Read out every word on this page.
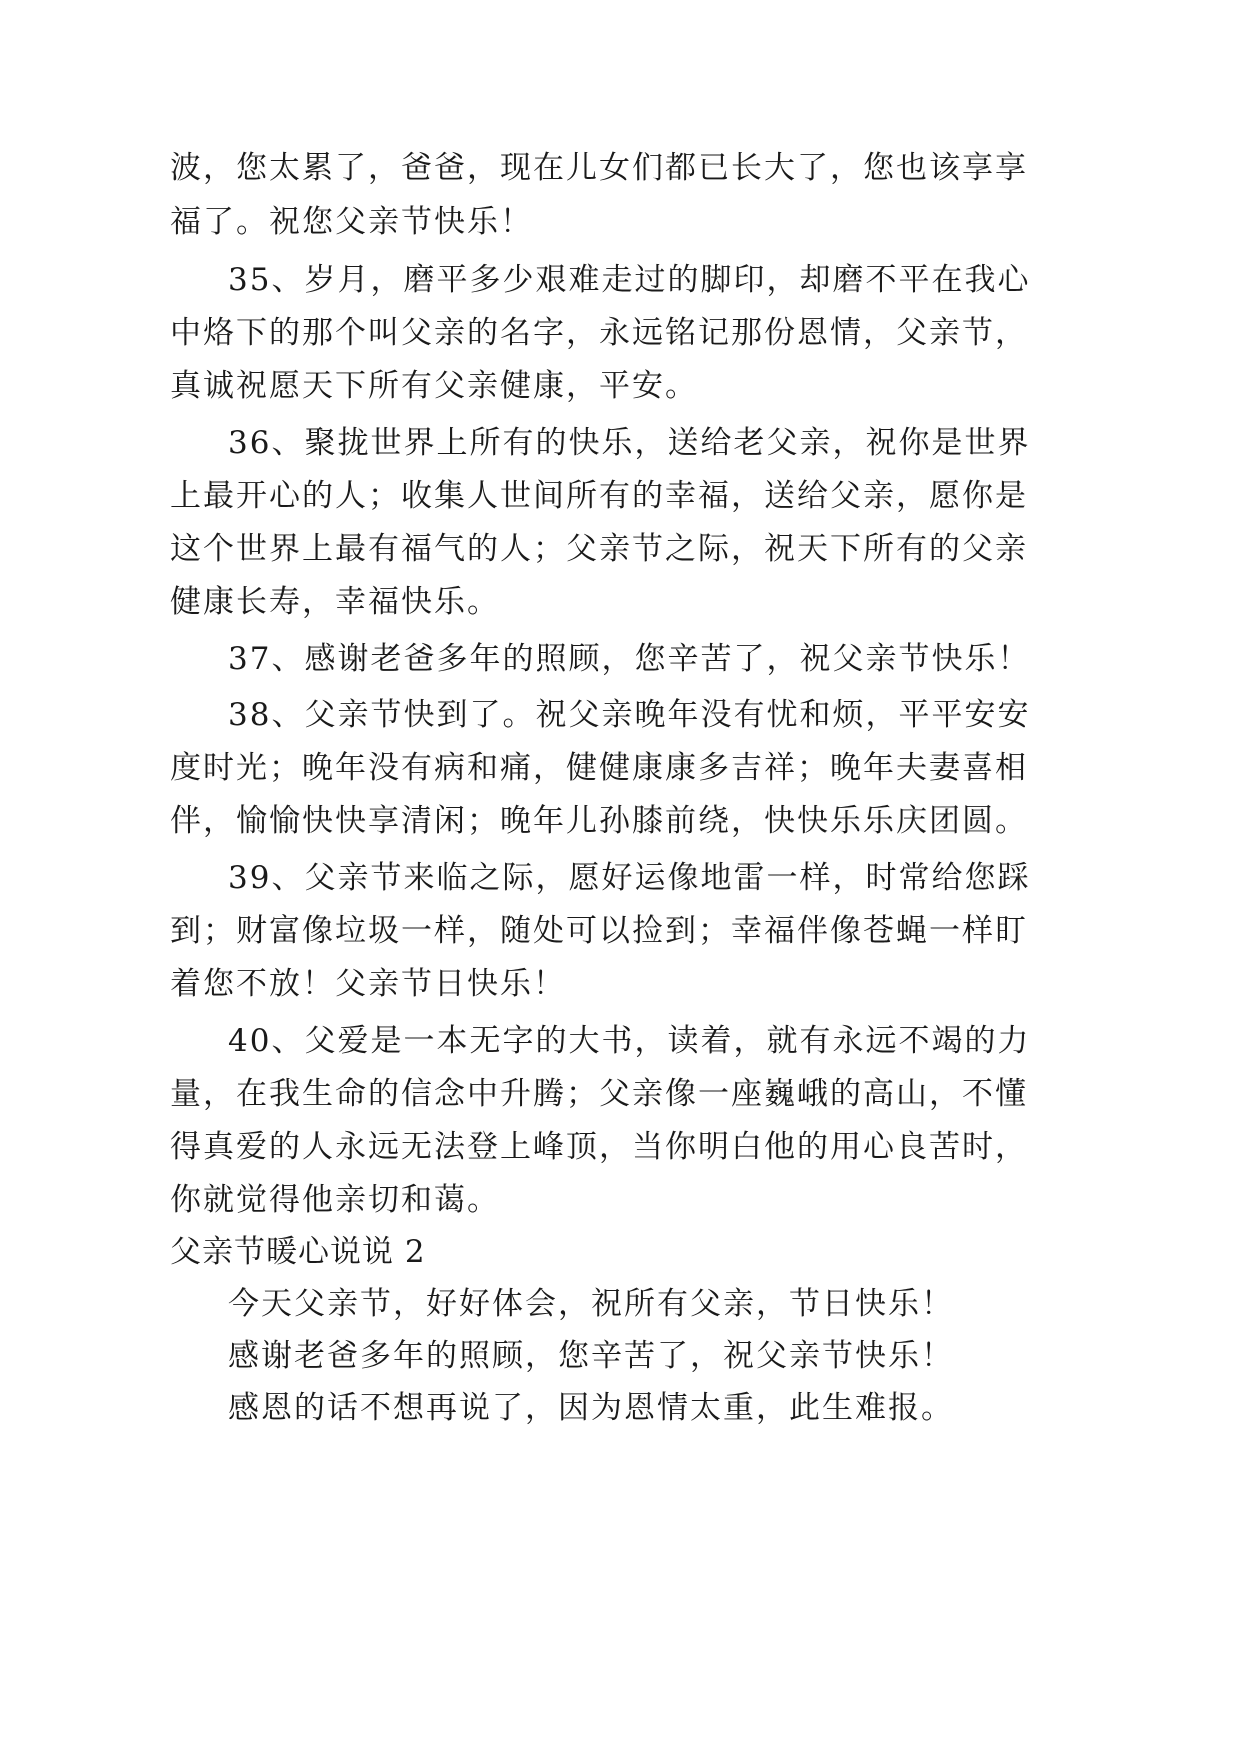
波，您太累了，爸爸，现在儿女们都已长大了，您也该享享
福了。祝您父亲节快乐！
35、岁月，磨平多少艰难走过的脚印，却磨不平在我心
中烙下的那个叫父亲的名字，永远铭记那份恩情，父亲节，
真诚祝愿天下所有父亲健康，平安。
36、聚拢世界上所有的快乐，送给老父亲，祝你是世界
上最开心的人；收集人世间所有的幸福，送给父亲，愿你是
这个世界上最有福气的人；父亲节之际，祝天下所有的父亲
健康长寿，幸福快乐。
37、感谢老爸多年的照顾，您辛苦了，祝父亲节快乐！
38、父亲节快到了。祝父亲晚年没有忧和烦，平平安安
度时光；晚年没有病和痛，健健康康多吉祥；晚年夫妻喜相
伴，愉愉快快享清闲；晚年儿孙膝前绕，快快乐乐庆团圆。
39、父亲节来临之际，愿好运像地雷一样，时常给您踩
到；财富像垃圾一样，随处可以捡到；幸福伴像苍蝇一样盯
着您不放！父亲节日快乐！
40、父爱是一本无字的大书，读着，就有永远不竭的力
量，在我生命的信念中升腾；父亲像一座巍峨的高山，不懂
得真爱的人永远无法登上峰顶，当你明白他的用心良苦时，
你就觉得他亲切和蔼。
父亲节暖心说说 2
今天父亲节，好好体会，祝所有父亲，节日快乐！
感谢老爸多年的照顾，您辛苦了，祝父亲节快乐！
感恩的话不想再说了，因为恩情太重，此生难报。
